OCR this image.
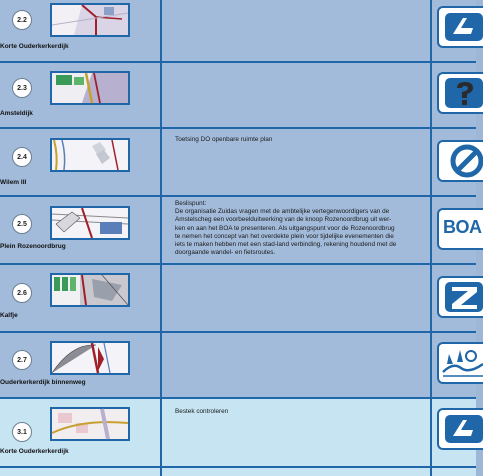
2.2
Korte Ouderkerkerdijk
2.3
Amsteldijk
2.4
Wilem III
Toetsing DO openbare ruimte plan
2.5
Plein Rozenoordbrug
Beslispunt:
De organisatie Zuidas vragen met de ambtelijke vertegenwoordigers van de
Amstelscheg een voorbeelduitwerking van de knoop Rozenoordbrug uit wer-
ken en aan het BOA te presenteren. Als uitgangspunt voor de Rozenoordbrug
te nemen het concept van het overdekte plein voor tijdelijke evenementen die
iets te maken hebben met een stad-land verbinding, rekening houdend met de
doorgaande wandel- en fietsroutes.
BOA
2.6
Kalfje
2.7
Ouderkerkerdijk binnenweg
3.1
Korte Ouderkerkerdijk
Bestek controleren
